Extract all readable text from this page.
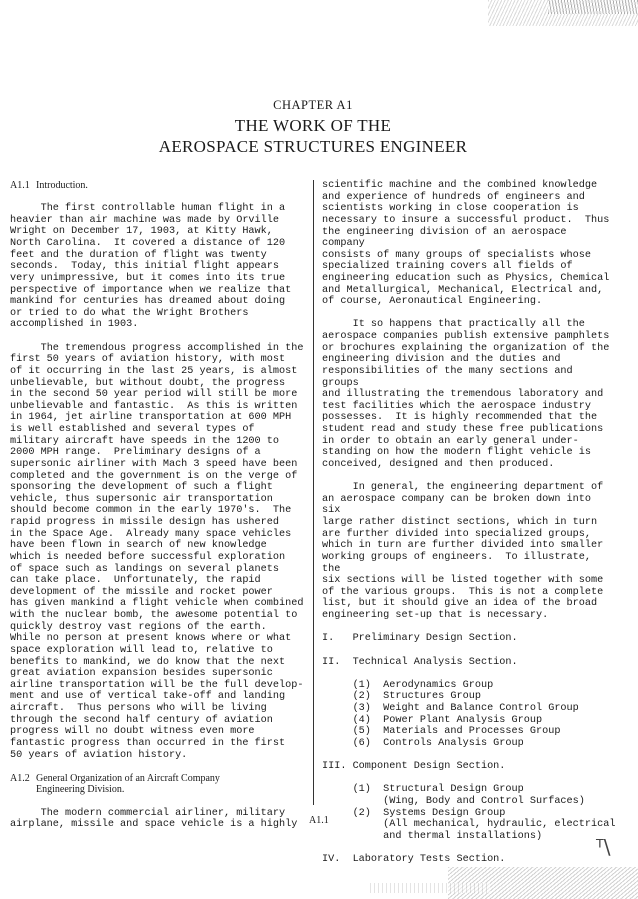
CHAPTER A1
THE WORK OF THE
AEROSPACE STRUCTURES ENGINEER
A1.1 Introduction.

The first controllable human flight in a
heavier than air machine was made by Orville
Wright on December 17, 1903, at Kitty Hawk,
North Carolina.  It covered a distance of 120
feet and the duration of flight was twenty
seconds.  Today, this initial flight appears
very unimpressive, but it comes into its true
perspective of importance when we realize that
mankind for centuries has dreamed about doing
or tried to do what the Wright Brothers
accomplished in 1903.

The tremendous progress accomplished in the
first 50 years of aviation history, with most
of it occurring in the last 25 years, is almost
unbelievable, but without doubt, the progress
in the second 50 year period will still be more
unbelievable and fantastic.  As this is written
in 1964, jet airline transportation at 600 MPH
is well established and several types of
military aircraft have speeds in the 1200 to
2000 MPH range.  Preliminary designs of a
supersonic airliner with Mach 3 speed have been
completed and the government is on the verge of
sponsoring the development of such a flight
vehicle, thus supersonic air transportation
should become common in the early 1970's.  The
rapid progress in missile design has ushered
in the Space Age.  Already many space vehicles
have been flown in search of new knowledge
which is needed before successful exploration
of space such as landings on several planets
can take place.  Unfortunately, the rapid
development of the missile and rocket power
has given mankind a flight vehicle when combined
with the nuclear bomb, the awesome potential to
quickly destroy vast regions of the earth.
While no person at present knows where or what
space exploration will lead to, relative to
benefits to mankind, we do know that the next
great aviation expansion besides supersonic
airline transportation will be the full develop-
ment and use of vertical take-off and landing
aircraft.  Thus persons who will be living
through the second half century of aviation
progress will no doubt witness even more
fantastic progress than occurred in the first
50 years of aviation history.

A1.2 General Organization of an Aircraft Company
Engineering Division.

The modern commercial airliner, military
airplane, missile and space vehicle is a highly

scientific machine and the combined knowledge
and experience of hundreds of engineers and
scientists working in close cooperation is
necessary to insure a successful product.  Thus
the engineering division of an aerospace company
consists of many groups of specialists whose
specialized training covers all fields of
engineering education such as Physics, Chemical
and Metallurgical, Mechanical, Electrical and,
of course, Aeronautical Engineering.

It so happens that practically all the
aerospace companies publish extensive pamphlets
or brochures explaining the organization of the
engineering division and the duties and
responsibilities of the many sections and groups
and illustrating the tremendous laboratory and
test facilities which the aerospace industry
possesses.  It is highly recommended that the
student read and study these free publications
in order to obtain an early general under-
standing on how the modern flight vehicle is
conceived, designed and then produced.

In general, the engineering department of
an aerospace company can be broken down into six
large rather distinct sections, which in turn
are further divided into specialized groups,
which in turn are further divided into smaller
working groups of engineers.  To illustrate, the
six sections will be listed together with some
of the various groups.  This is not a complete
list, but it should give an idea of the broad
engineering set-up that is necessary.

I.   Preliminary Design Section.

II.  Technical Analysis Section.

(1)  Aerodynamics Group
(2)  Structures Group
(3)  Weight and Balance Control Group
(4)  Power Plant Analysis Group
(5)  Materials and Processes Group
(6)  Controls Analysis Group

III. Component Design Section.

(1)  Structural Design Group
(Wing, Body and Control Surfaces)
(2)  Systems Design Group
(All mechanical, hydraulic, electrical
and thermal installations)

IV.  Laboratory Tests Section.

A1.1
ᵀ\
